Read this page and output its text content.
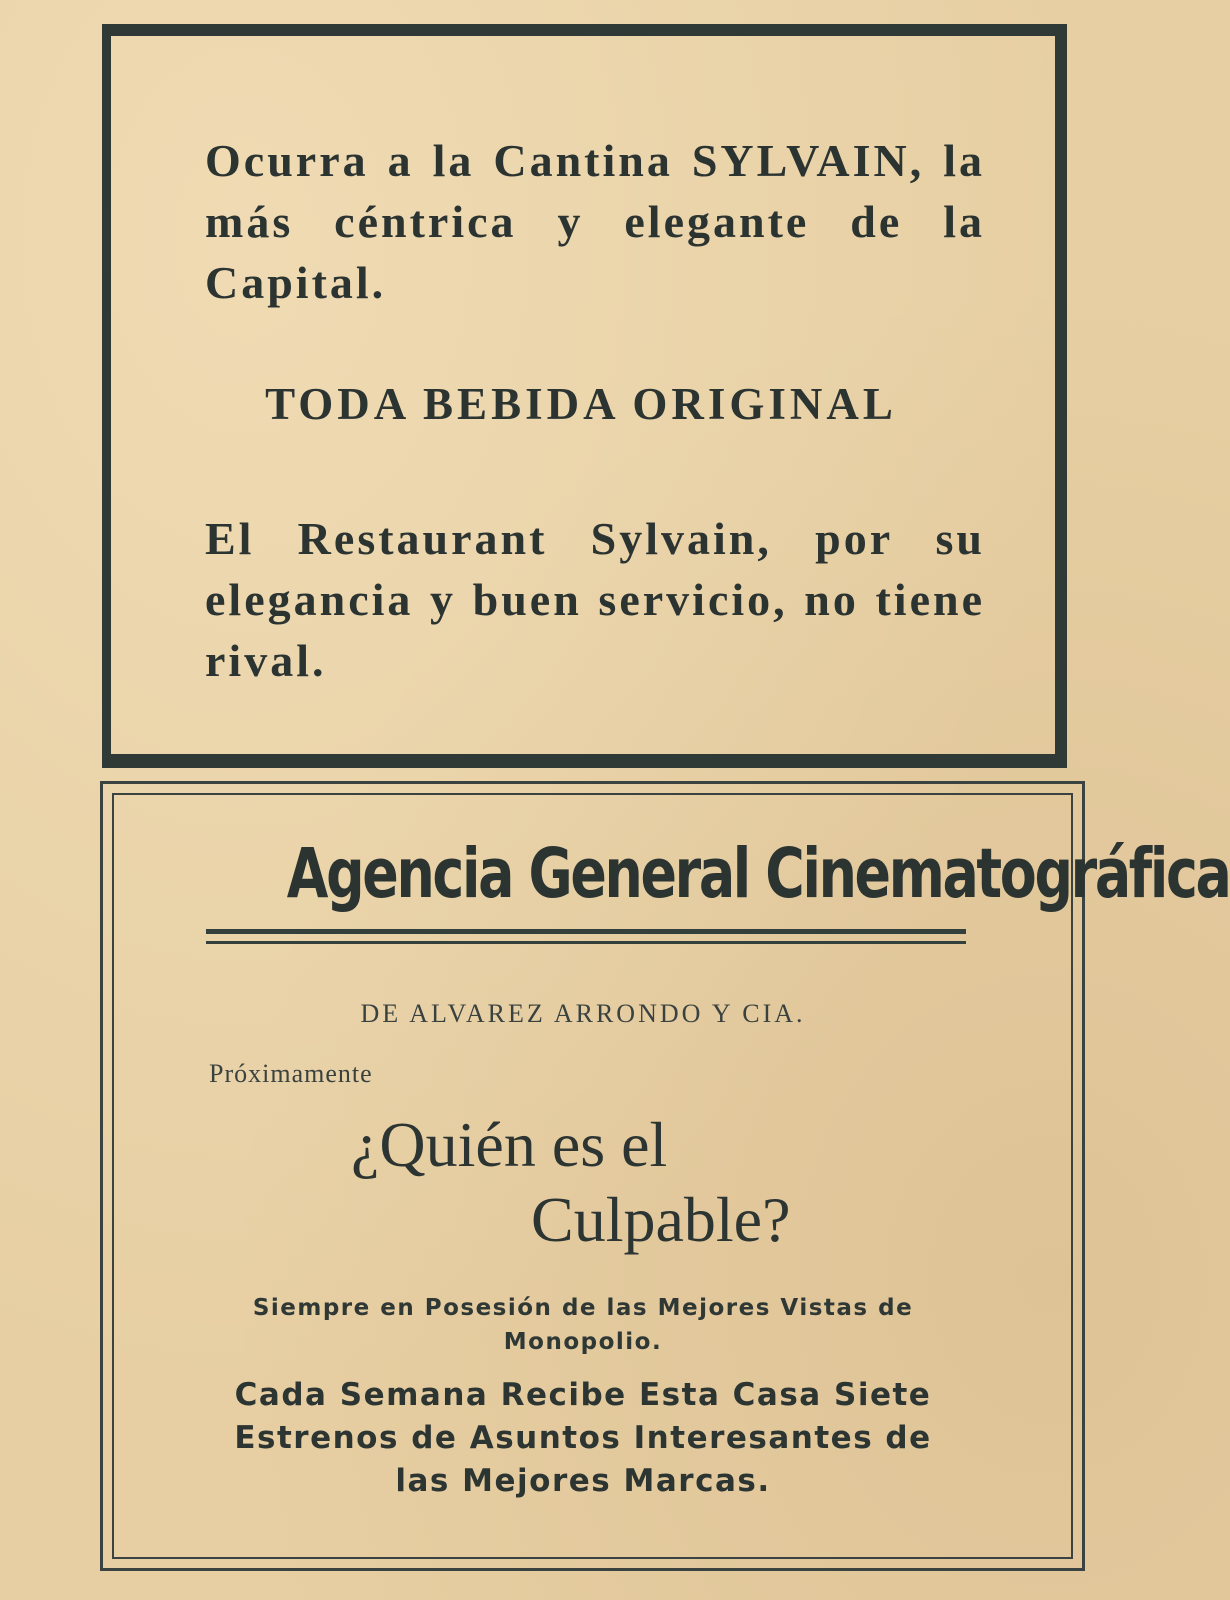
Ocurra a la Cantina SYLVAIN, la más céntrica y elegante de la Capital.

TODA BEBIDA ORIGINAL

El Restaurant Sylvain, por su elegancia y buen servicio, no tiene rival.

Agencia General Cinematográfica
DE ALVAREZ ARRONDO Y CIA.
Próximamente
¿Quién es el
Culpable?

Siempre en Posesión de las Mejores Vistas de Monopolio.

Cada Semana Recibe Esta Casa Siete Estrenos de Asuntos Interesantes de las Mejores Marcas.
